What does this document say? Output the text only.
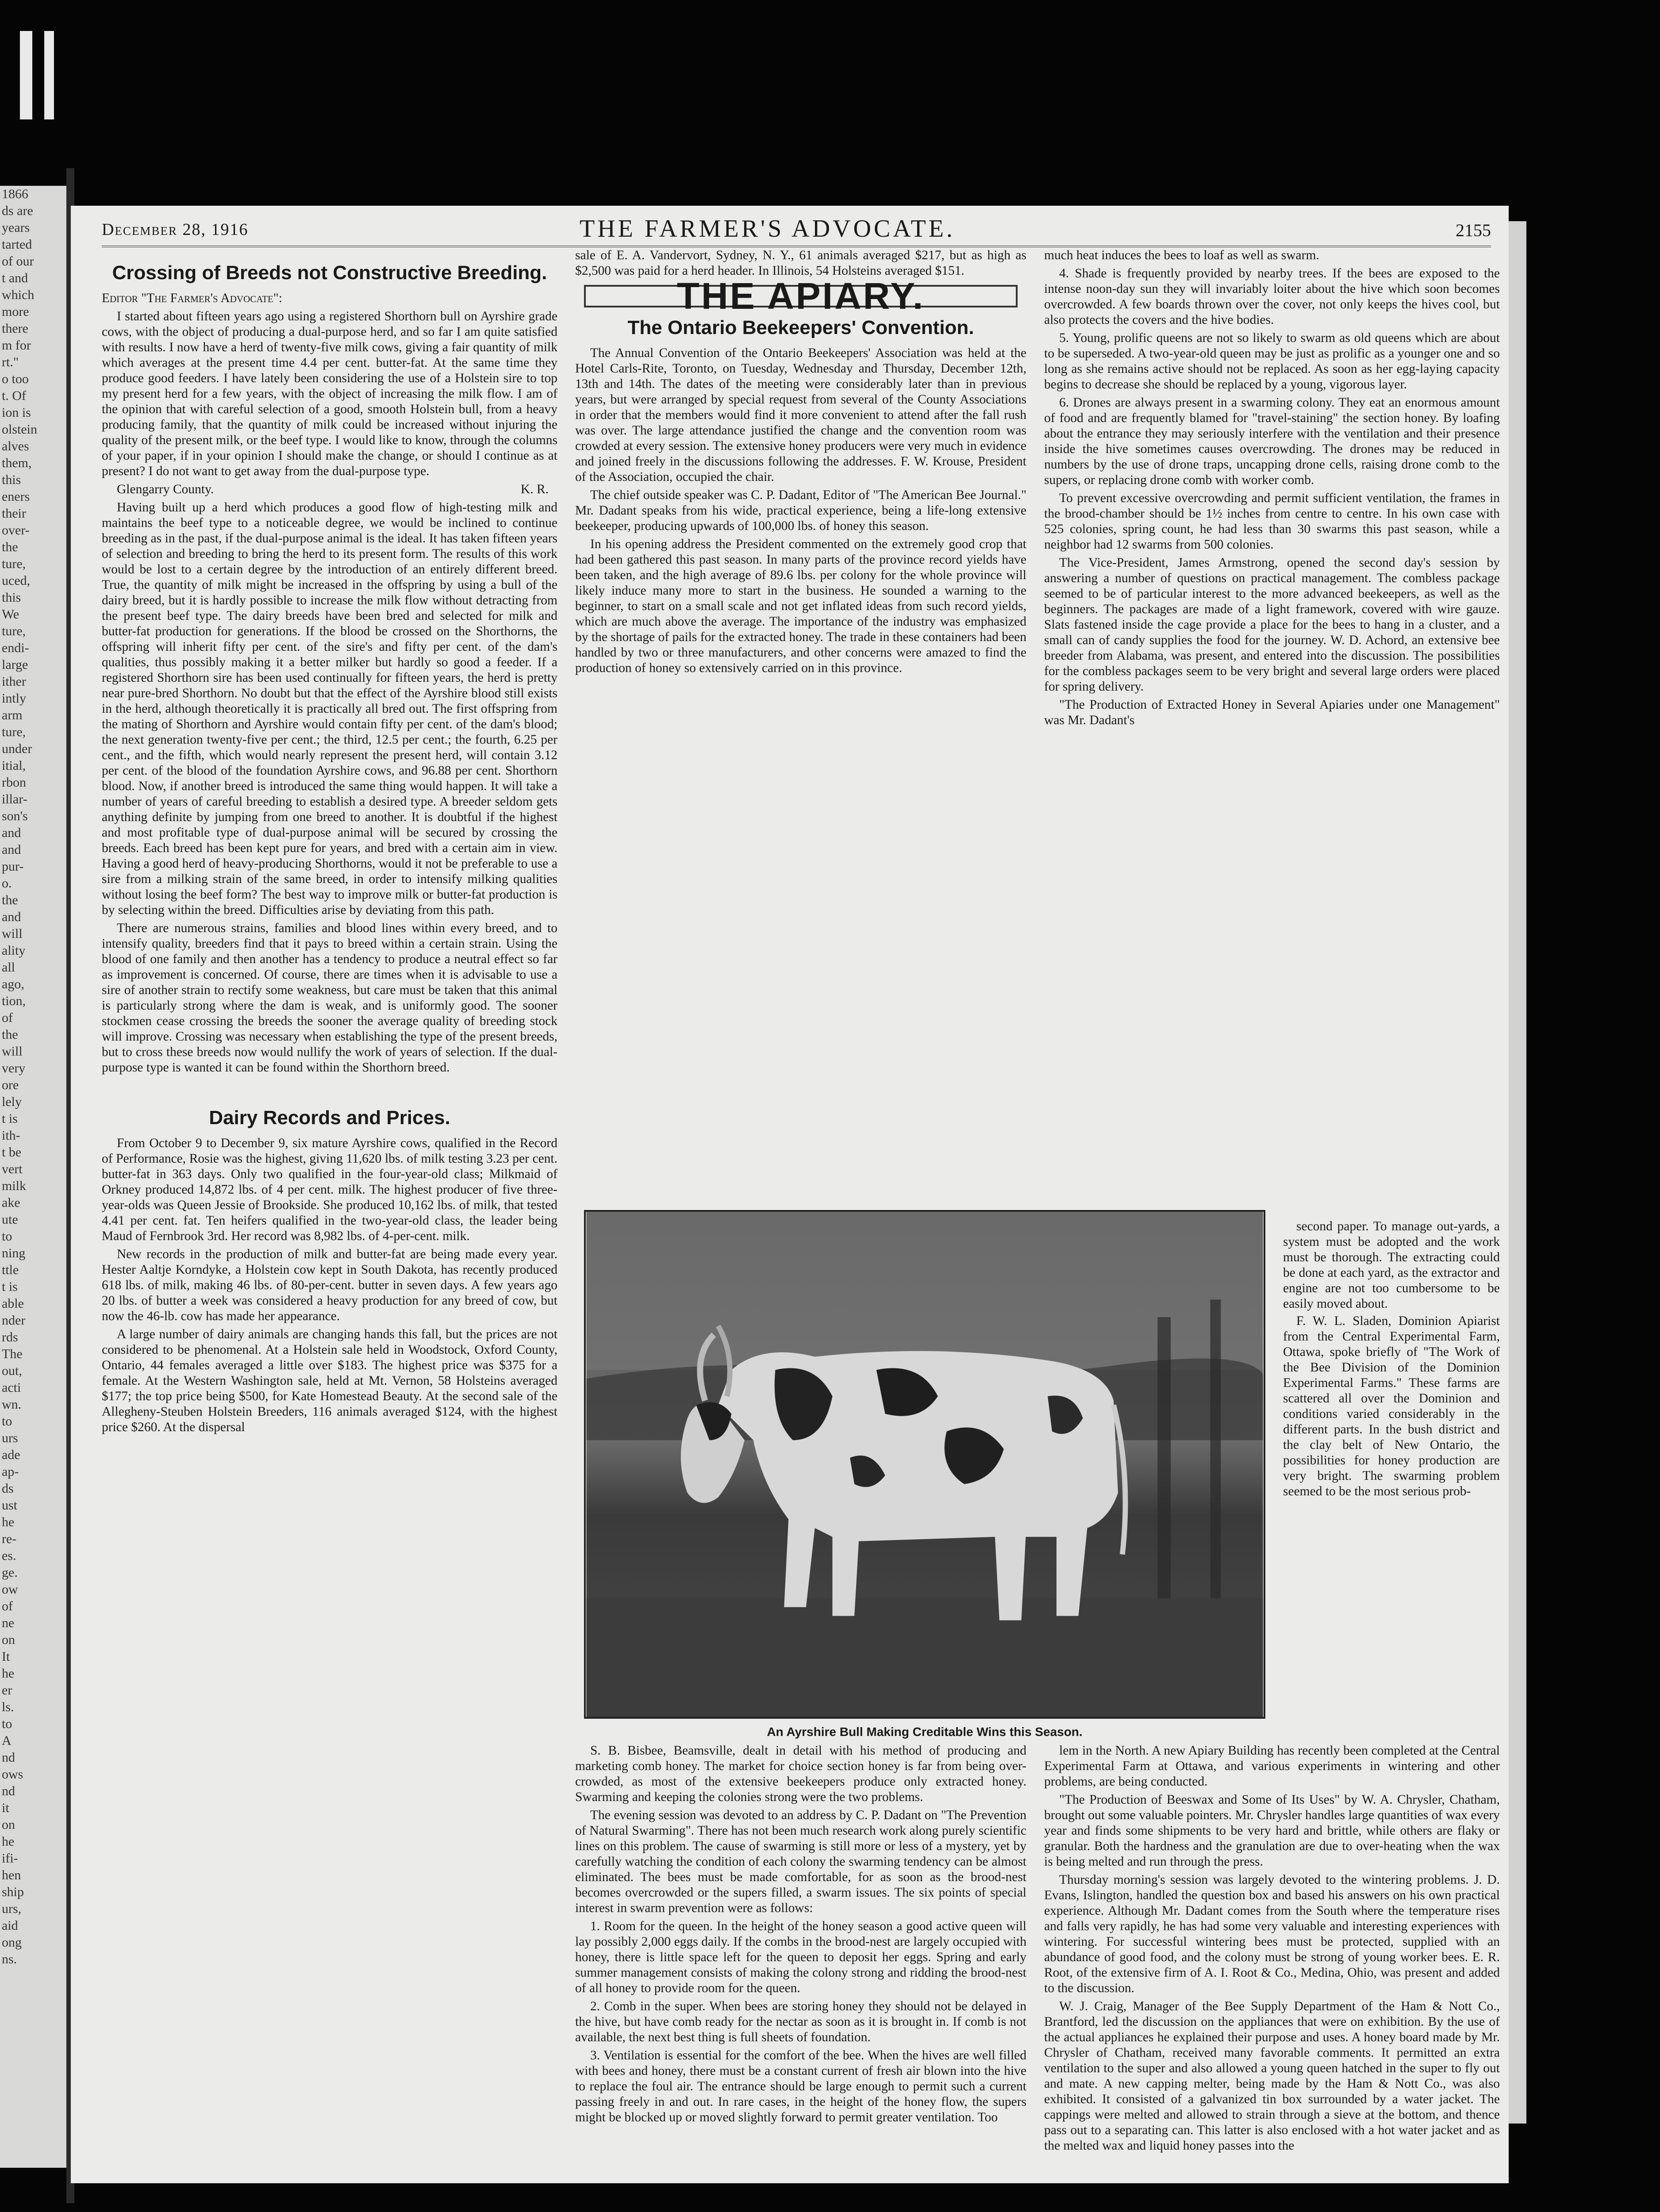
1866
ds are
years
tarted
of our
t and
which
more
there
m for
rt."
o too
t. Of
ion is
olstein
alves
them,
this
eners
their
over-
the
ture,
uced,
this
We
ture,
endi-
large
ither
intly
arm
ture,
under
itial,
rbon
illar-
son's
and
and
pur-
o.
the
and
will
ality
all
ago,
tion,
of
the
will
very
ore
lely
t is
ith-
t be
vert
milk
ake
ute
to
ning
ttle
t is
able
nder
rds
The
out,
acti
wn.
to
urs
ade
ap-
ds
ust
he
re-
es.
ge.
ow
of
ne
on
It
he
er
ls.
to
A
nd
ows
nd
it
on
he
ifi-
hen
ship
urs,
aid
ong
ns.
December 28, 1916	THE FARMER'S ADVOCATE.	2155
Crossing of Breeds not Constructive Breeding.

Editor "The Farmer's Advocate":

I started about fifteen years ago using a registered Shorthorn bull on Ayrshire grade cows, with the object of producing a dual-purpose herd, and so far I am quite satisfied with results. I now have a herd of twenty-five milk cows, giving a fair quantity of milk which averages at the present time 4.4 per cent. butter-fat. At the same time they produce good feeders. I have lately been considering the use of a Holstein sire to top my present herd for a few years, with the object of increasing the milk flow. I am of the opinion that with careful selection of a good, smooth Holstein bull, from a heavy producing family, that the quantity of milk could be increased without injuring the quality of the present milk, or the beef type. I would like to know, through the columns of your paper, if in your opinion I should make the change, or should I continue as at present? I do not want to get away from the dual-purpose type.

Glengarry County.	K. R.

Having built up a herd which produces a good flow of high-testing milk and maintains the beef type to a noticeable degree, we would be inclined to continue breeding as in the past, if the dual-purpose animal is the ideal. It has taken fifteen years of selection and breeding to bring the herd to its present form. The results of this work would be lost to a certain degree by the introduction of an entirely different breed. True, the quantity of milk might be increased in the offspring by using a bull of the dairy breed, but it is hardly possible to increase the milk flow without detracting from the present beef type. The dairy breeds have been bred and selected for milk and butter-fat production for generations. If the blood be crossed on the Shorthorns, the offspring will inherit fifty per cent. of the sire's and fifty per cent. of the dam's qualities, thus possibly making it a better milker but hardly so good a feeder. If a registered Shorthorn sire has been used continually for fifteen years, the herd is pretty near pure-bred Shorthorn. No doubt but that the effect of the Ayrshire blood still exists in the herd, although theoretically it is practically all bred out. The first offspring from the mating of Shorthorn and Ayrshire would contain fifty per cent. of the dam's blood; the next generation twenty-five per cent.; the third, 12.5 per cent.; the fourth, 6.25 per cent., and the fifth, which would nearly represent the present herd, will contain 3.12 per cent. of the blood of the foundation Ayrshire cows, and 96.88 per cent. Shorthorn blood. Now, if another breed is introduced the same thing would happen. It will take a number of years of careful breeding to establish a desired type. A breeder seldom gets anything definite by jumping from one breed to another. It is doubtful if the highest and most profitable type of dual-purpose animal will be secured by crossing the breeds. Each breed has been kept pure for years, and bred with a certain aim in view. Having a good herd of heavy-producing Shorthorns, would it not be preferable to use a sire from a milking strain of the same breed, in order to intensify milking qualities without losing the beef form? The best way to improve milk or butter-fat production is by selecting within the breed. Difficulties arise by deviating from this path.

There are numerous strains, families and blood lines within every breed, and to intensify quality, breeders find that it pays to breed within a certain strain. Using the blood of one family and then another has a tendency to produce a neutral effect so far as improvement is concerned. Of course, there are times when it is advisable to use a sire of another strain to rectify some weakness, but care must be taken that this animal is particularly strong where the dam is weak, and is uniformly good. The sooner stockmen cease crossing the breeds the sooner the average quality of breeding stock will improve. Crossing was necessary when establishing the type of the present breeds, but to cross these breeds now would nullify the work of years of selection. If the dual-purpose type is wanted it can be found within the Shorthorn breed.

Dairy Records and Prices.

From October 9 to December 9, six mature Ayrshire cows, qualified in the Record of Performance, Rosie was the highest, giving 11,620 lbs. of milk testing 3.23 per cent. butter-fat in 363 days. Only two qualified in the four-year-old class; Milkmaid of Orkney produced 14,872 lbs. of 4 per cent. milk. The highest producer of five three-year-olds was Queen Jessie of Brookside. She produced 10,162 lbs. of milk, that tested 4.41 per cent. fat. Ten heifers qualified in the two-year-old class, the leader being Maud of Fernbrook 3rd. Her record was 8,982 lbs. of 4-per-cent. milk.

New records in the production of milk and butter-fat are being made every year. Hester Aaltje Korndyke, a Holstein cow kept in South Dakota, has recently produced 618 lbs. of milk, making 46 lbs. of 80-per-cent. butter in seven days. A few years ago 20 lbs. of butter a week was considered a heavy production for any breed of cow, but now the 46-lb. cow has made her appearance.

A large number of dairy animals are changing hands this fall, but the prices are not considered to be phenomenal. At a Holstein sale held in Woodstock, Oxford County, Ontario, 44 females averaged a little over $183. The highest price was $375 for a female. At the Western Washington sale, held at Mt. Vernon, 58 Holsteins averaged $177; the top price being $500, for Kate Homestead Beauty. At the second sale of the Allegheny-Steuben Holstein Breeders, 116 animals averaged $124, with the highest price $260. At the dispersal

sale of E. A. Vandervort, Sydney, N. Y., 61 animals averaged $217, but as high as $2,500 was paid for a herd header. In Illinois, 54 Holsteins averaged $151.

THE APIARY.
The Ontario Beekeepers' Convention.

The Annual Convention of the Ontario Beekeepers' Association was held at the Hotel Carls-Rite, Toronto, on Tuesday, Wednesday and Thursday, December 12th, 13th and 14th. The dates of the meeting were considerably later than in previous years, but were arranged by special request from several of the County Associations in order that the members would find it more convenient to attend after the fall rush was over. The large attendance justified the change and the convention room was crowded at every session. The extensive honey producers were very much in evidence and joined freely in the discussions following the addresses. F. W. Krouse, President of the Association, occupied the chair.

The chief outside speaker was C. P. Dadant, Editor of "The American Bee Journal." Mr. Dadant speaks from his wide, practical experience, being a life-long extensive beekeeper, producing upwards of 100,000 lbs. of honey this season.

In his opening address the President commented on the extremely good crop that had been gathered this past season. In many parts of the province record yields have been taken, and the high average of 89.6 lbs. per colony for the whole province will likely induce many more to start in the business. He sounded a warning to the beginner, to start on a small scale and not get inflated ideas from such record yields, which are much above the average. The importance of the industry was emphasized by the shortage of pails for the extracted honey. The trade in these containers had been handled by two or three manufacturers, and other concerns were amazed to find the production of honey so extensively carried on in this province.

much heat induces the bees to loaf as well as swarm.

4. Shade is frequently provided by nearby trees. If the bees are exposed to the intense noon-day sun they will invariably loiter about the hive which soon becomes overcrowded. A few boards thrown over the cover, not only keeps the hives cool, but also protects the covers and the hive bodies.

5. Young, prolific queens are not so likely to swarm as old queens which are about to be superseded. A two-year-old queen may be just as prolific as a younger one and so long as she remains active should not be replaced. As soon as her egg-laying capacity begins to decrease she should be replaced by a young, vigorous layer.

6. Drones are always present in a swarming colony. They eat an enormous amount of food and are frequently blamed for "travel-staining" the section honey. By loafing about the entrance they may seriously interfere with the ventilation and their presence inside the hive sometimes causes overcrowding. The drones may be reduced in numbers by the use of drone traps, uncapping drone cells, raising drone comb to the supers, or replacing drone comb with worker comb.

To prevent excessive overcrowding and permit sufficient ventilation, the frames in the brood-chamber should be 1½ inches from centre to centre. In his own case with 525 colonies, spring count, he had less than 30 swarms this past season, while a neighbor had 12 swarms from 500 colonies.

The Vice-President, James Armstrong, opened the second day's session by answering a number of questions on practical management. The combless package seemed to be of particular interest to the more advanced beekeepers, as well as the beginners. The packages are made of a light framework, covered with wire gauze. Slats fastened inside the cage provide a place for the bees to hang in a cluster, and a small can of candy supplies the food for the journey. W. D. Achord, an extensive bee breeder from Alabama, was present, and entered into the discussion. The possibilities for the combless packages seem to be very bright and several large orders were placed for spring delivery.

"The Production of Extracted Honey in Several Apiaries under one Management" was Mr. Dadant's

An Ayrshire Bull Making Creditable Wins this Season.

S. B. Bisbee, Beamsville, dealt in detail with his method of producing and marketing comb honey. The market for choice section honey is far from being over-crowded, as most of the extensive beekeepers produce only extracted honey. Swarming and keeping the colonies strong were the two problems.

The evening session was devoted to an address by C. P. Dadant on "The Prevention of Natural Swarming". There has not been much research work along purely scientific lines on this problem. The cause of swarming is still more or less of a mystery, yet by carefully watching the condition of each colony the swarming tendency can be almost eliminated. The bees must be made comfortable, for as soon as the brood-nest becomes overcrowded or the supers filled, a swarm issues. The six points of special interest in swarm prevention were as follows:

1. Room for the queen. In the height of the honey season a good active queen will lay possibly 2,000 eggs daily. If the combs in the brood-nest are largely occupied with honey, there is little space left for the queen to deposit her eggs. Spring and early summer management consists of making the colony strong and ridding the brood-nest of all honey to provide room for the queen.

2. Comb in the super. When bees are storing honey they should not be delayed in the hive, but have comb ready for the nectar as soon as it is brought in. If comb is not available, the next best thing is full sheets of foundation.

3. Ventilation is essential for the comfort of the bee. When the hives are well filled with bees and honey, there must be a constant current of fresh air blown into the hive to replace the foul air. The entrance should be large enough to permit such a current passing freely in and out. In rare cases, in the height of the honey flow, the supers might be blocked up or moved slightly forward to permit greater ventilation. Too

second paper. To manage out-yards, a system must be adopted and the work must be thorough. The extracting could be done at each yard, as the extractor and engine are not too cumbersome to be easily moved about.

F. W. L. Sladen, Dominion Apiarist from the Central Experimental Farm, Ottawa, spoke briefly of "The Work of the Bee Division of the Dominion Experimental Farms." These farms are scattered all over the Dominion and conditions varied considerably in the different parts. In the bush district and the clay belt of New Ontario, the possibilities for honey production are very bright. The swarming problem seemed to be the most serious prob-

lem in the North. A new Apiary Building has recently been completed at the Central Experimental Farm at Ottawa, and various experiments in wintering and other problems, are being conducted.

"The Production of Beeswax and Some of Its Uses" by W. A. Chrysler, Chatham, brought out some valuable pointers. Mr. Chrysler handles large quantities of wax every year and finds some shipments to be very hard and brittle, while others are flaky or granular. Both the hardness and the granulation are due to over-heating when the wax is being melted and run through the press.

Thursday morning's session was largely devoted to the wintering problems. J. D. Evans, Islington, handled the question box and based his answers on his own practical experience. Although Mr. Dadant comes from the South where the temperature rises and falls very rapidly, he has had some very valuable and interesting experiences with wintering. For successful wintering bees must be protected, supplied with an abundance of good food, and the colony must be strong of young worker bees. E. R. Root, of the extensive firm of A. I. Root & Co., Medina, Ohio, was present and added to the discussion.

W. J. Craig, Manager of the Bee Supply Department of the Ham & Nott Co., Brantford, led the discussion on the appliances that were on exhibition. By the use of the actual appliances he explained their purpose and uses. A honey board made by Mr. Chrysler of Chatham, received many favorable comments. It permitted an extra ventilation to the super and also allowed a young queen hatched in the super to fly out and mate. A new capping melter, being made by the Ham & Nott Co., was also exhibited. It consisted of a galvanized tin box surrounded by a water jacket. The cappings were melted and allowed to strain through a sieve at the bottom, and thence pass out to a separating can. This latter is also enclosed with a hot water jacket and as the melted wax and liquid honey passes into the
